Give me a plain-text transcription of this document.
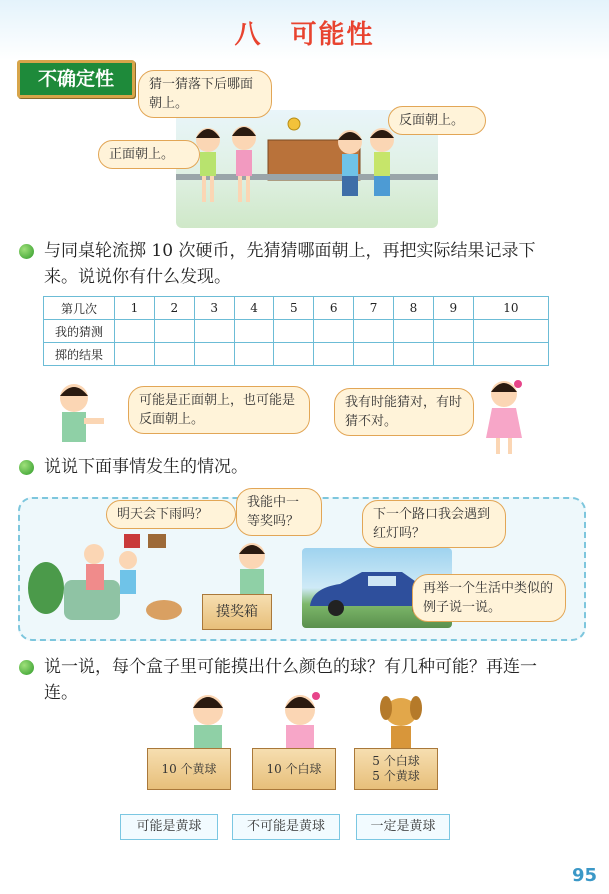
八 可能性
不确定性	猜一猜落下后哪面朝上。
正面朝上。
反面朝上。
与同桌轮流掷 10 次硬币，先猜猜哪面朝上，再把实际结果记录下来。说说你有什么发现。
第几次	1	2	3	4	5	6	7	8	9	10
我的猜测										
掷的结果										
可能是正面朝上，也可能是反面朝上。
我有时能猜对，有时猜不对。
说说下面事情发生的情况。
明天会下雨吗？
我能中一等奖吗？
摸奖箱
下一个路口我会遇到红灯吗？
再举一个生活中类似的例子说一说。
说一说，每个盒子里可能摸出什么颜色的球？有几种可能？再连一连。
10 个黄球	10 个白球
5 个白球
5 个黄球
可能是黄球	不可能是黄球	一定是黄球
95
